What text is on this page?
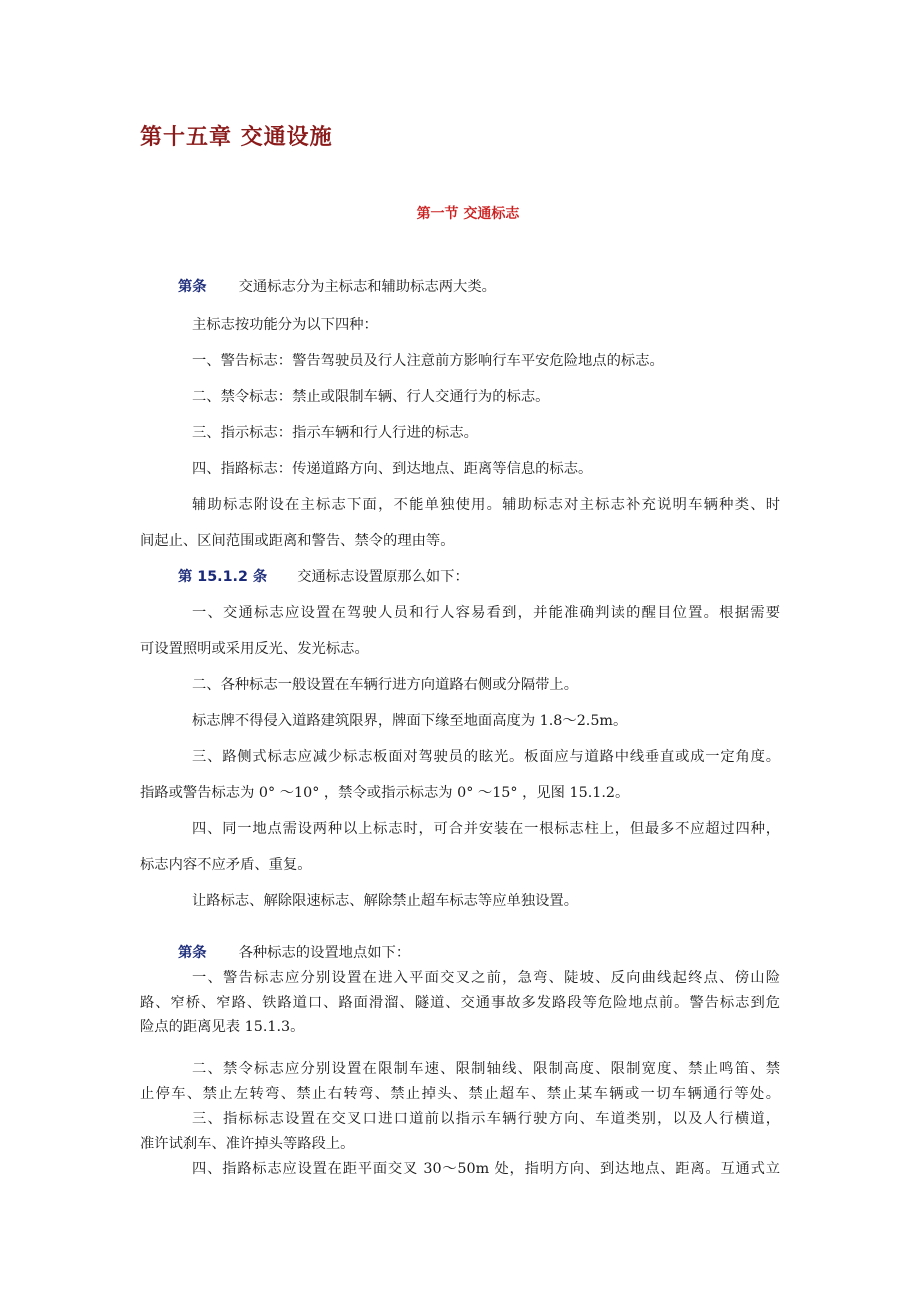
第十五章 交通设施
第一节 交通标志

第条 交通标志分为主标志和辅助标志两大类。

主标志按功能分为以下四种：

一、警告标志：警告驾驶员及行人注意前方影响行车平安危险地点的标志。

二、禁令标志：禁止或限制车辆、行人交通行为的标志。

三、指示标志：指示车辆和行人行进的标志。

四、指路标志：传递道路方向、到达地点、距离等信息的标志。

辅助标志附设在主标志下面，不能单独使用。辅助标志对主标志补充说明车辆种类、时

间起止、区间范围或距离和警告、禁令的理由等。

第 15.1.2 条 交通标志设置原那么如下：

一、交通标志应设置在驾驶人员和行人容易看到，并能准确判读的醒目位置。根据需要

可设置照明或采用反光、发光标志。

二、各种标志一般设置在车辆行进方向道路右侧或分隔带上。

标志牌不得侵入道路建筑限界，牌面下缘至地面高度为 1.8～2.5m。

三、路侧式标志应减少标志板面对驾驶员的眩光。板面应与道路中线垂直或成一定角度。

指路或警告标志为 0° ～10° ，禁令或指示标志为 0° ～15° ，见图 15.1.2。

四、同一地点需设两种以上标志时，可合并安装在一根标志柱上，但最多不应超过四种，

标志内容不应矛盾、重复。

让路标志、解除限速标志、解除禁止超车标志等应单独设置。

第条 各种标志的设置地点如下：

一、警告标志应分别设置在进入平面交叉之前，急弯、陡坡、反向曲线起终点、傍山险

路、窄桥、窄路、铁路道口、路面滑溜、隧道、交通事故多发路段等危险地点前。警告标志到危

险点的距离见表 15.1.3。

二、禁令标志应分别设置在限制车速、限制轴线、限制高度、限制宽度、禁止鸣笛、禁

止停车、禁止左转弯、禁止右转弯、禁止掉头、禁止超车、禁止某车辆或一切车辆通行等处。

三、指标标志设置在交叉口进口道前以指示车辆行驶方向、车道类别，以及人行横道，

准许试刹车、准许掉头等路段上。

四、指路标志应设置在距平面交叉 30～50m 处，指明方向、到达地点、距离。互通式立
